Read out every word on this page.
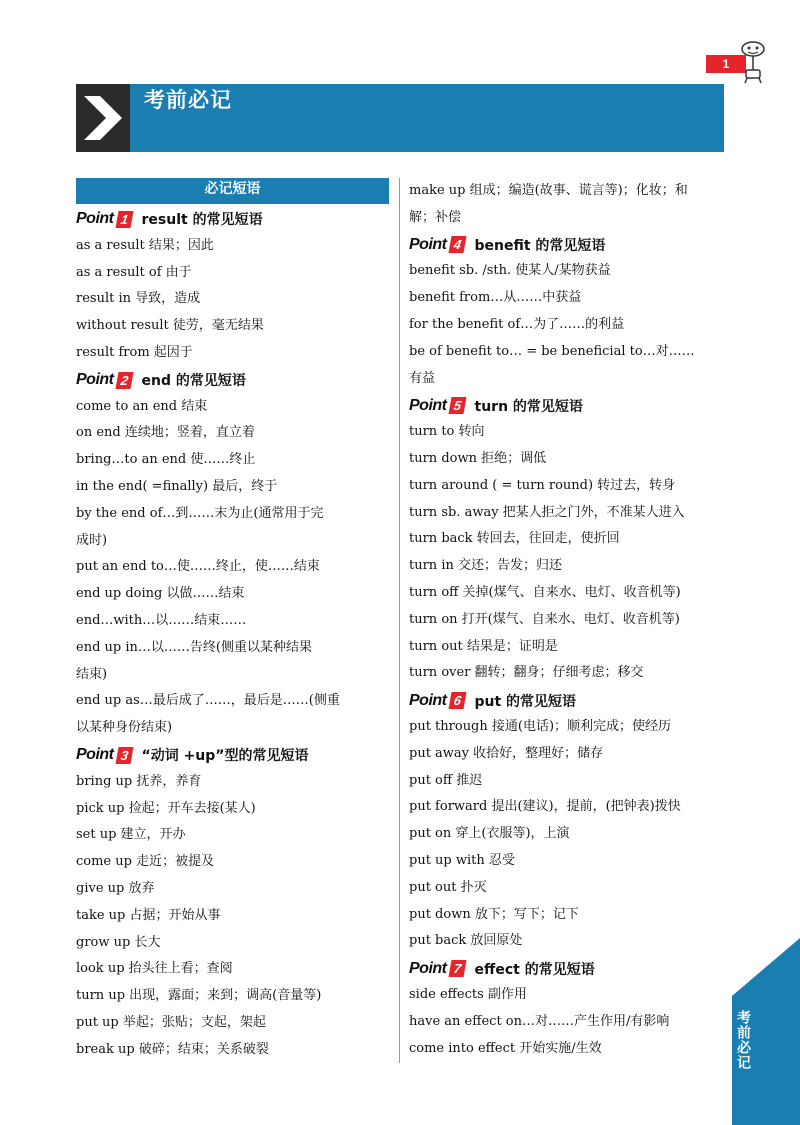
1
考前必记
必记短语
Point 1 result 的常见短语
as a result 结果；因此
as a result of 由于
result in 导致，造成
without result 徒劳，毫无结果
result from 起因于
Point 2 end 的常见短语
come to an end 结束
on end 连续地；竖着，直立着
bring…to an end 使……终止
in the end( =finally) 最后，终于
by the end of…到……末为止(通常用于完
成时)
put an end to…使……终止，使……结束
end up doing 以做……结束
end…with…以……结束……
end up in…以……告终(侧重以某种结果
结束)
end up as…最后成了……，最后是……(侧重
以某种身份结束)
Point 3 “动词 +up”型的常见短语
bring up 抚养，养育
pick up 捡起；开车去接(某人)
set up 建立，开办
come up 走近；被提及
give up 放弃
take up 占据；开始从事
grow up 长大
look up 抬头往上看；查阅
turn up 出现，露面；来到；调高(音量等)
put up 举起；张贴；支起，架起
break up 破碎；结束；关系破裂
make up 组成；编造(故事、谎言等)；化妆；和
解；补偿
Point 4 benefit 的常见短语
benefit sb. /sth. 使某人/某物获益
benefit from…从……中获益
for the benefit of…为了……的利益
be of benefit to… = be beneficial to…对……
有益
Point 5 turn 的常见短语
turn to 转向
turn down 拒绝；调低
turn around ( = turn round) 转过去，转身
turn sb. away 把某人拒之门外，不准某人进入
turn back 转回去，往回走，使折回
turn in 交还；告发；归还
turn off 关掉(煤气、自来水、电灯、收音机等)
turn on 打开(煤气、自来水、电灯、收音机等)
turn out 结果是；证明是
turn over 翻转；翻身；仔细考虑；移交
Point 6 put 的常见短语
put through 接通(电话)；顺利完成；使经历
put away 收拾好，整理好；储存
put off 推迟
put forward 提出(建议)，提前，(把钟表)拨快
put on 穿上(衣服等)，上演
put up with 忍受
put out 扑灭
put down 放下；写下；记下
put back 放回原处
Point 7 effect 的常见短语
side effects 副作用
have an effect on…对……产生作用/有影响
come into effect 开始实施/生效	考前必记
